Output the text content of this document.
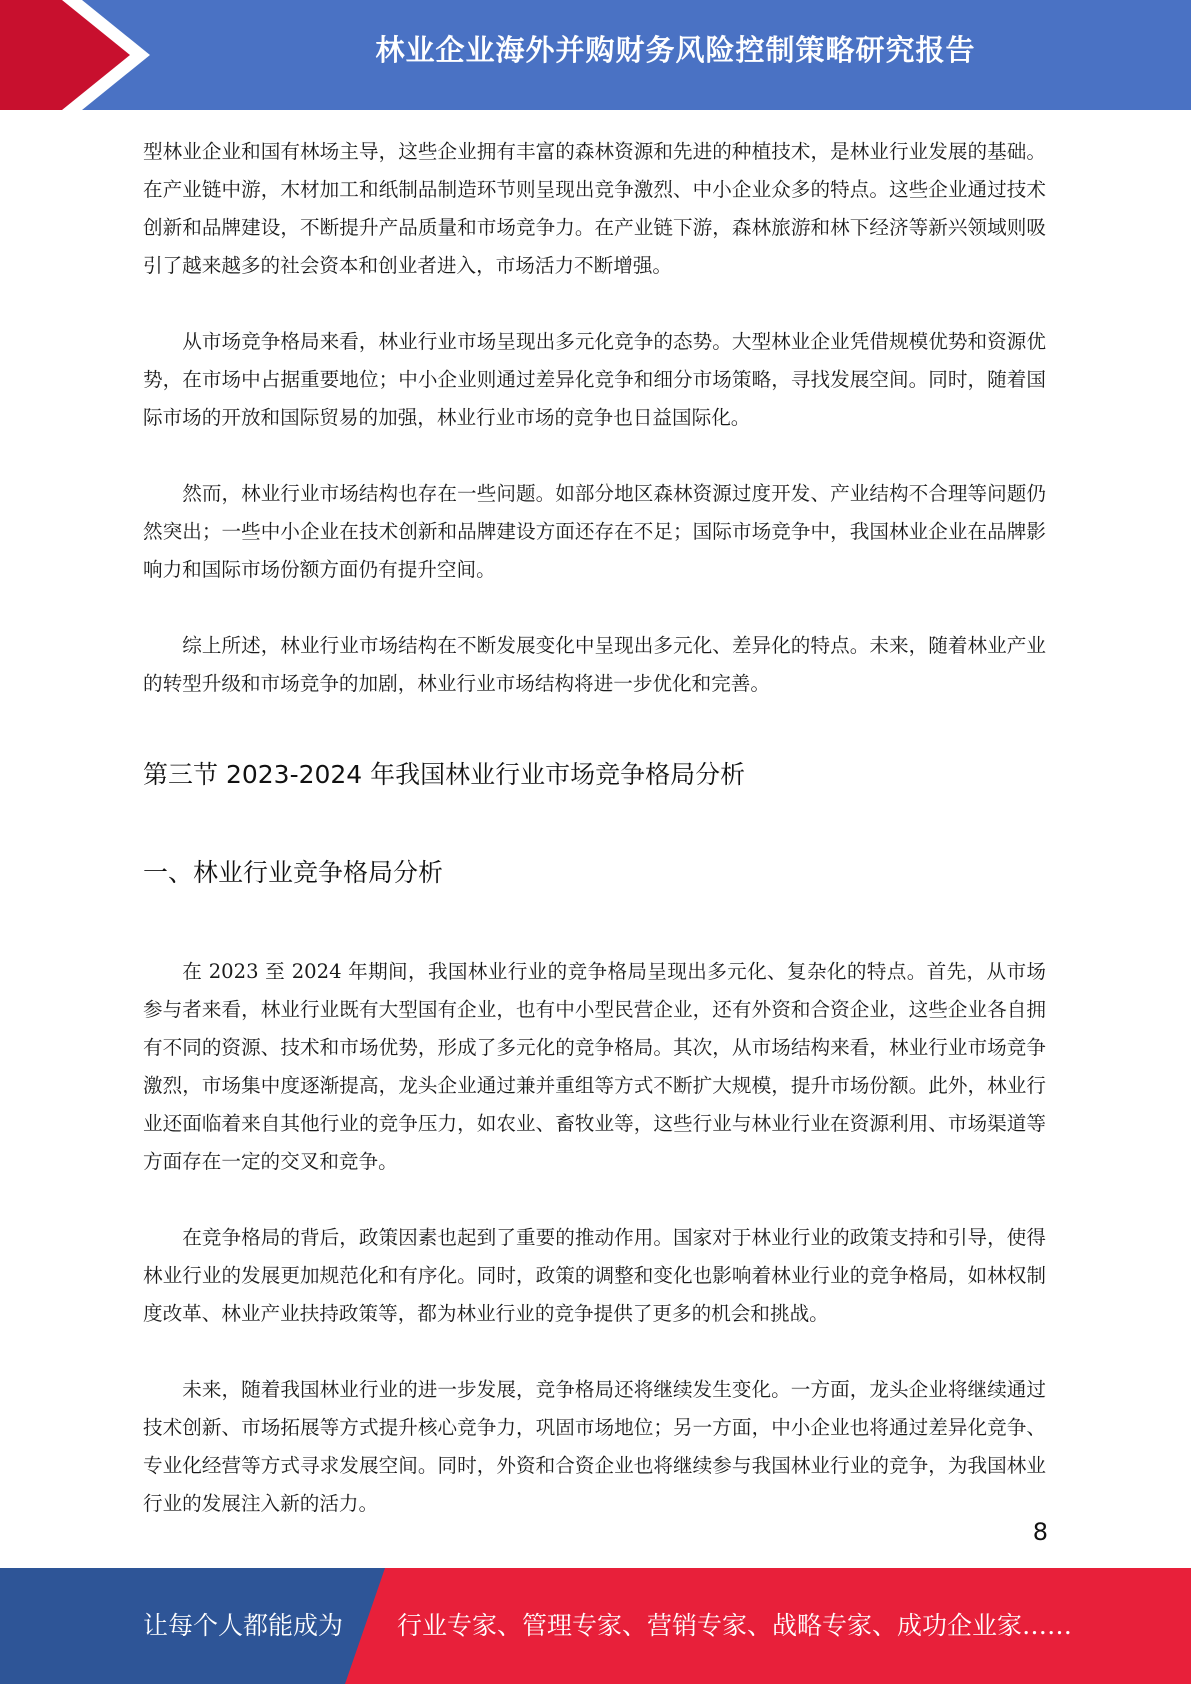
林业企业海外并购财务风险控制策略研究报告

型林业企业和国有林场主导，这些企业拥有丰富的森林资源和先进的种植技术，是林业行业发展的基础。在产业链中游，木材加工和纸制品制造环节则呈现出竞争激烈、中小企业众多的特点。这些企业通过技术创新和品牌建设，不断提升产品质量和市场竞争力。在产业链下游，森林旅游和林下经济等新兴领域则吸引了越来越多的社会资本和创业者进入，市场活力不断增强。

从市场竞争格局来看，林业行业市场呈现出多元化竞争的态势。大型林业企业凭借规模优势和资源优势，在市场中占据重要地位；中小企业则通过差异化竞争和细分市场策略，寻找发展空间。同时，随着国际市场的开放和国际贸易的加强，林业行业市场的竞争也日益国际化。

然而，林业行业市场结构也存在一些问题。如部分地区森林资源过度开发、产业结构不合理等问题仍然突出；一些中小企业在技术创新和品牌建设方面还存在不足；国际市场竞争中，我国林业企业在品牌影响力和国际市场份额方面仍有提升空间。

综上所述，林业行业市场结构在不断发展变化中呈现出多元化、差异化的特点。未来，随着林业产业的转型升级和市场竞争的加剧，林业行业市场结构将进一步优化和完善。

第三节 2023-2024 年我国林业行业市场竞争格局分析
一、林业行业竞争格局分析

在 2023 至 2024 年期间，我国林业行业的竞争格局呈现出多元化、复杂化的特点。首先，从市场参与者来看，林业行业既有大型国有企业，也有中小型民营企业，还有外资和合资企业，这些企业各自拥有不同的资源、技术和市场优势，形成了多元化的竞争格局。其次，从市场结构来看，林业行业市场竞争激烈，市场集中度逐渐提高，龙头企业通过兼并重组等方式不断扩大规模，提升市场份额。此外，林业行业还面临着来自其他行业的竞争压力，如农业、畜牧业等，这些行业与林业行业在资源利用、市场渠道等方面存在一定的交叉和竞争。

在竞争格局的背后，政策因素也起到了重要的推动作用。国家对于林业行业的政策支持和引导，使得林业行业的发展更加规范化和有序化。同时，政策的调整和变化也影响着林业行业的竞争格局，如林权制度改革、林业产业扶持政策等，都为林业行业的竞争提供了更多的机会和挑战。

未来，随着我国林业行业的进一步发展，竞争格局还将继续发生变化。一方面，龙头企业将继续通过技术创新、市场拓展等方式提升核心竞争力，巩固市场地位；另一方面，中小企业也将通过差异化竞争、专业化经营等方式寻求发展空间。同时，外资和合资企业也将继续参与我国林业行业的竞争，为我国林业行业的发展注入新的活力。

8
让每个人都能成为 行业专家、管理专家、营销专家、战略专家、成功企业家……
